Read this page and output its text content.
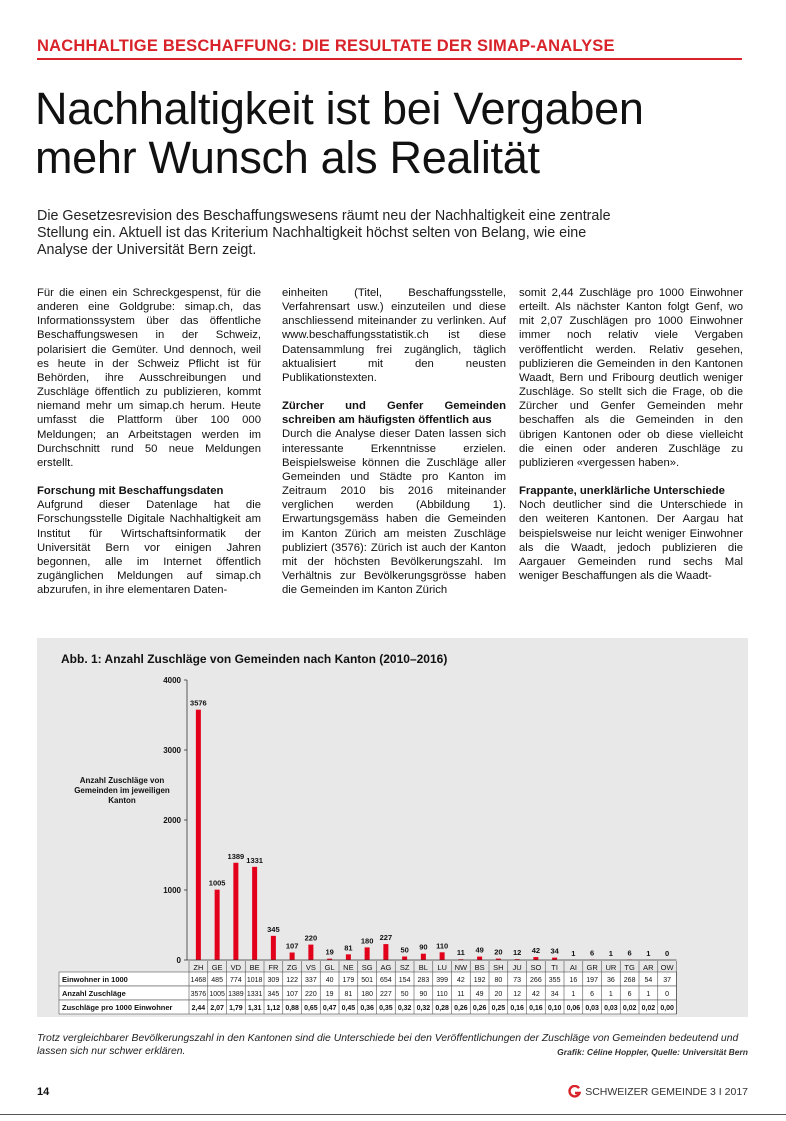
NACHHALTIGE BESCHAFFUNG: DIE RESULTATE DER SIMAP-ANALYSE
Nachhaltigkeit ist bei Vergaben
mehr Wunsch als Realität
Die Gesetzesrevision des Beschaffungswesens räumt neu der Nachhaltigkeit eine zentrale Stellung ein. Aktuell ist das Kriterium Nachhaltigkeit höchst selten von Belang, wie eine Analyse der Universität Bern zeigt.

Für die einen ein Schreckgespenst, für die anderen eine Goldgrube: simap.ch, das Informationssystem über das öffentliche Beschaffungswesen in der Schweiz, polarisiert die Gemüter. Und dennoch, weil es heute in der Schweiz Pflicht ist für Behörden, ihre Ausschreibungen und Zuschläge öffentlich zu publizieren, kommt niemand mehr um simap.ch herum. Heute umfasst die Plattform über 100 000 Meldungen; an Arbeitstagen werden im Durchschnitt rund 50 neue Meldungen erstellt.

Forschung mit Beschaffungsdaten

Aufgrund dieser Datenlage hat die Forschungsstelle Digitale Nachhaltigkeit am Institut für Wirtschaftsinformatik der Universität Bern vor einigen Jahren begonnen, alle im Internet öffentlich zugänglichen Meldungen auf simap.ch abzurufen, in ihre elementaren Daten-

einheiten (Titel, Beschaffungsstelle, Verfahrensart usw.) einzuteilen und diese anschliessend miteinander zu verlinken. Auf www.beschaffungsstatistik.ch ist diese Datensammlung frei zugänglich, täglich aktualisiert mit den neusten Publikationstexten.

Zürcher und Genfer Gemeinden schreiben am häufigsten öffentlich aus

Durch die Analyse dieser Daten lassen sich interessante Erkenntnisse erzielen. Beispielsweise können die Zuschläge aller Gemeinden und Städte pro Kanton im Zeitraum 2010 bis 2016 miteinander verglichen werden (Abbildung 1). Erwartungsgemäss haben die Gemeinden im Kanton Zürich am meisten Zuschläge publiziert (3576): Zürich ist auch der Kanton mit der höchsten Bevölkerungszahl. Im Verhältnis zur Bevölkerungsgrösse haben die Gemeinden im Kanton Zürich

somit 2,44 Zuschläge pro 1000 Einwohner erteilt. Als nächster Kanton folgt Genf, wo mit 2,07 Zuschlägen pro 1000 Einwohner immer noch relativ viele Vergaben veröffentlicht werden. Relativ gesehen, publizieren die Gemeinden in den Kantonen Waadt, Bern und Fribourg deutlich weniger Zuschläge. So stellt sich die Frage, ob die Zürcher und Genfer Gemeinden mehr beschaffen als die Gemeinden in den übrigen Kantonen oder ob diese vielleicht die einen oder anderen Zuschläge zu publizieren «vergessen haben».

Frappante, unerklärliche Unterschiede

Noch deutlicher sind die Unterschiede in den weiteren Kantonen. Der Aargau hat beispielsweise nur leicht weniger Einwohner als die Waadt, jedoch publizieren die Aargauer Gemeinden rund sechs Mal weniger Beschaffungen als die Waadt-

Abb. 1: Anzahl Zuschläge von Gemeinden nach Kanton (2010–2016)
Anzahl Zuschläge von Gemeinden im jeweiligen Kanton
0
1000
2000
3000
4000
3576
ZH
1005
GE
1389
VD
1331
BE
345
FR
107
ZG
220
VS
19
GL
81
NE
180
SG
227
AG
50
SZ
90
BL
110
LU
11
NW
49
BS
20
SH
12
JU
42
SO
34
TI
1
AI
6
GR
1
UR
6
TG
1
AR
0
OW
Einwohner in 1000	1468 485 774 1018 309 122 337 40 179 501 654 154 283 399 42 192 80 73 266 355 16 197 36 268 54 37
Anzahl Zuschläge	3576 1005 1389 1331 345 107 220 19 81 180 227 50 90 110 11 49 20 12 42 34 1 6 1 6 1 0
Zuschläge pro 1000 Einwohner	2,44 2,07 1,79 1,31 1,12 0,88 0,65 0,47 0,45 0,36 0,35 0,32 0,32 0,28 0,26 0,26 0,25 0,16 0,16 0,10 0,06 0,03 0,03 0,02 0,02 0,00
Trotz vergleichbarer Bevölkerungszahl in den Kantonen sind die Unterschiede bei den Veröffentlichungen der Zuschläge von Gemeinden bedeutend und lassen sich nur schwer erklären.	Grafik: Céline Hoppler, Quelle: Universität Bern
14	SCHWEIZER GEMEINDE 3 I 2017
